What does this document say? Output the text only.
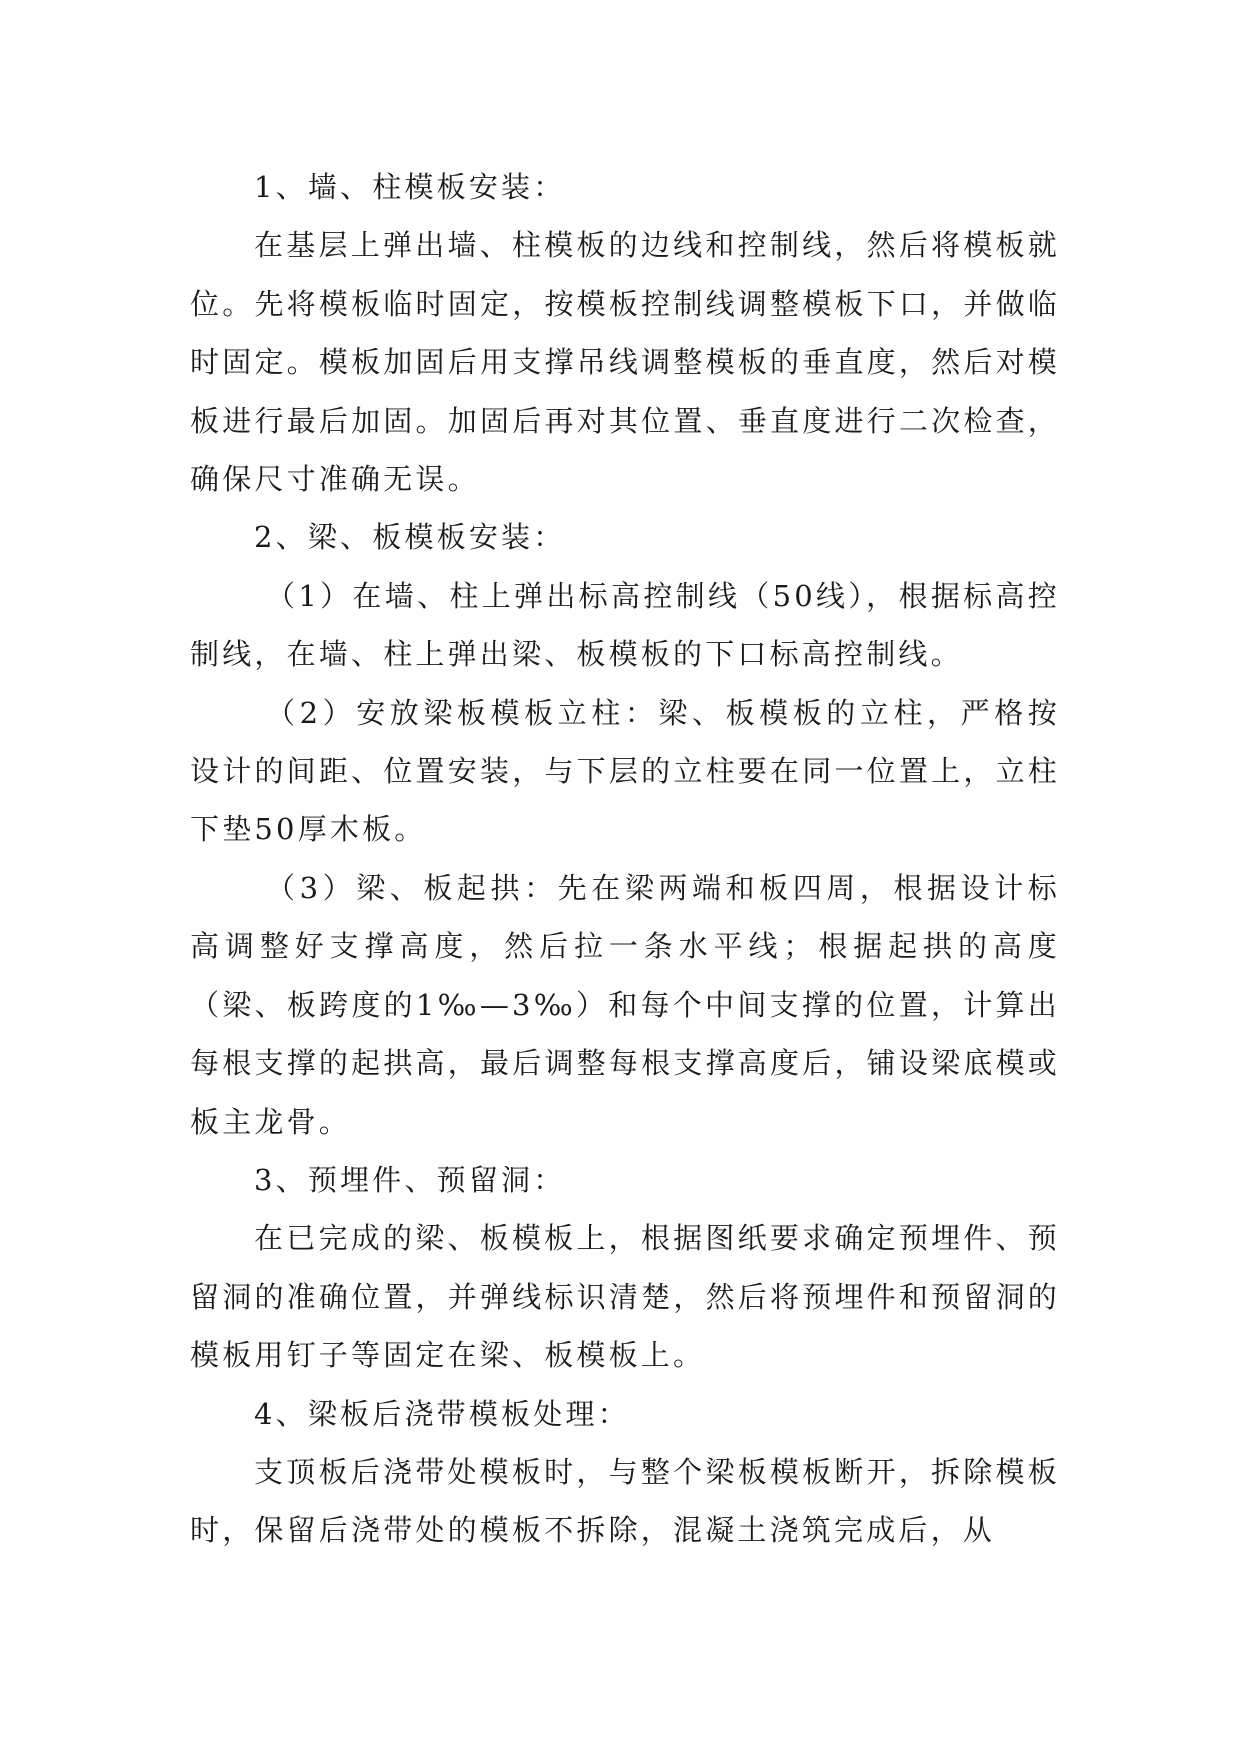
1、墙、柱模板安装：

在基层上弹出墙、柱模板的边线和控制线，然后将模板就位。先将模板临时固定，按模板控制线调整模板下口，并做临时固定。模板加固后用支撑吊线调整模板的垂直度，然后对模板进行最后加固。加固后再对其位置、垂直度进行二次检查，确保尺寸准确无误。

2、梁、板模板安装：

（1）在墙、柱上弹出标高控制线（50线），根据标高控制线，在墙、柱上弹出梁、板模板的下口标高控制线。

（2）安放梁板模板立柱：梁、板模板的立柱，严格按设计的间距、位置安装，与下层的立柱要在同一位置上，立柱下垫50厚木板。

（3）梁、板起拱：先在梁两端和板四周，根据设计标高调整好支撑高度，然后拉一条水平线；根据起拱的高度（梁、板跨度的1‰—3‰）和每个中间支撑的位置，计算出每根支撑的起拱高，最后调整每根支撑高度后，铺设梁底模或板主龙骨。

3、预埋件、预留洞：

在已完成的梁、板模板上，根据图纸要求确定预埋件、预留洞的准确位置，并弹线标识清楚，然后将预埋件和预留洞的模板用钉子等固定在梁、板模板上。

4、梁板后浇带模板处理：

支顶板后浇带处模板时，与整个梁板模板断开，拆除模板时，保留后浇带处的模板不拆除，混凝土浇筑完成后，从
